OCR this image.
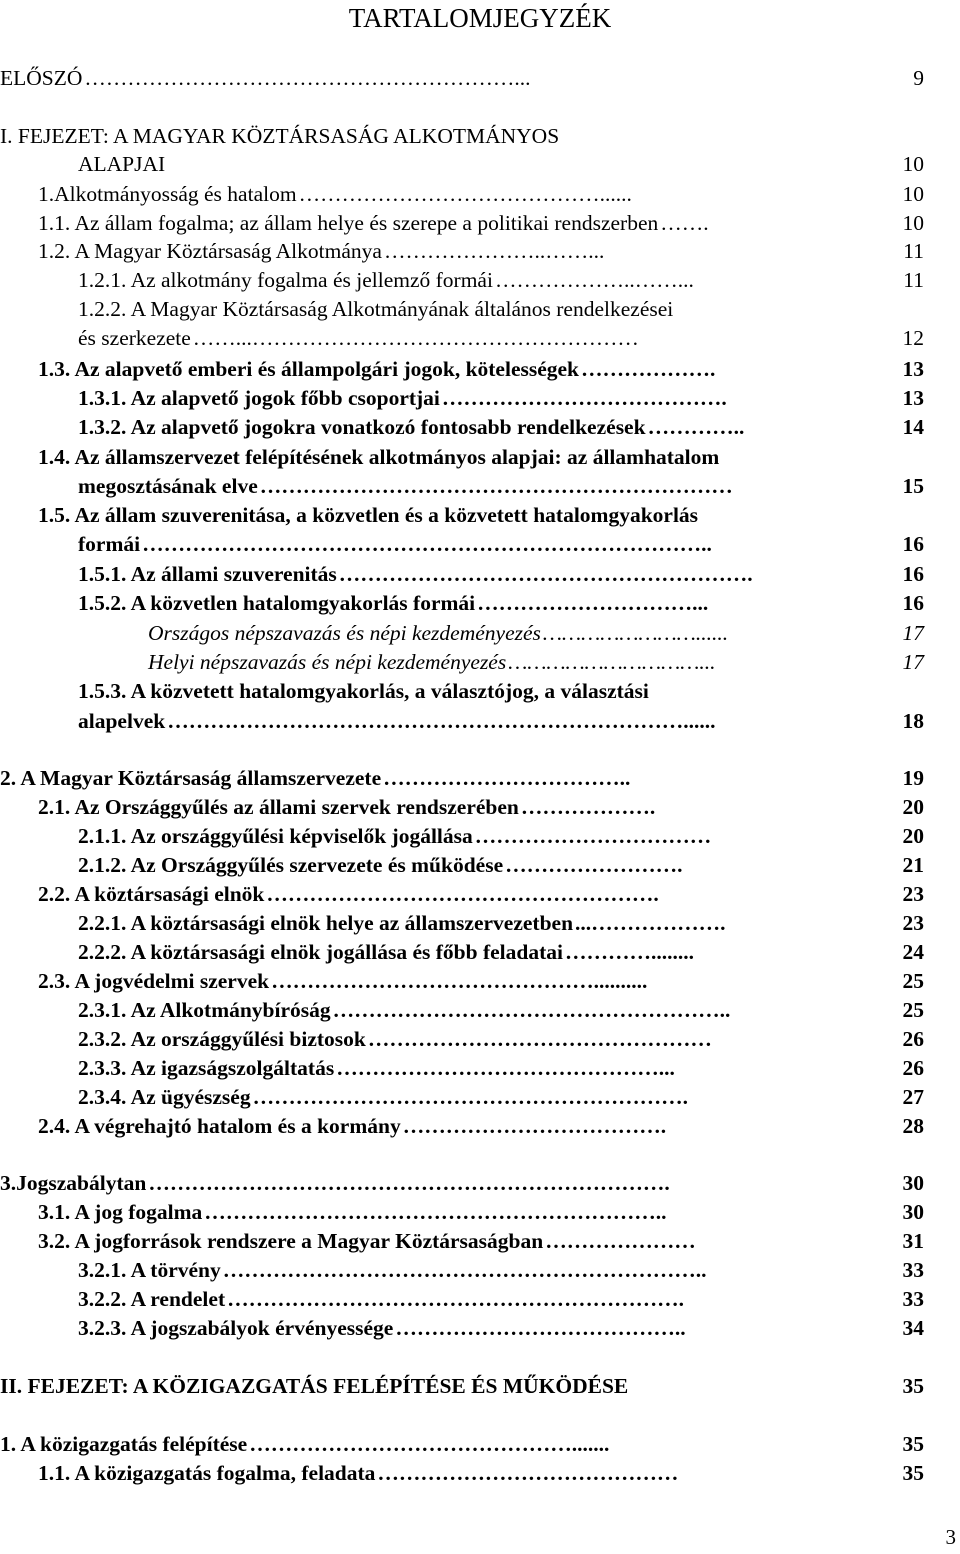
TARTALOMJEGYZÉK
ELŐSZÓ ……………………………………………………...	9
I. FEJEZET: A MAGYAR KÖZTÁRSASÁG ALKOTMÁNYOS
ALAPJAI	10
1.Alkotmányosság és hatalom ……………………………………......	10
1.1. Az állam fogalma; az állam helye és szerepe a politikai rendszerben …….	10
1.2. A Magyar Köztársaság Alkotmánya …………………..……...	11
1.2.1. Az alkotmány fogalma és jellemző formái ………………..……...	11
1.2.2. A Magyar Köztársaság Alkotmányának általános rendelkezései
és szerkezete ……...………………………………………………	12
1.3. Az alapvető emberi és állampolgári jogok, kötelességek ……………….	13
1.3.1. Az alapvető jogok főbb csoportjai ………………………………….	13
1.3.2. Az alapvető jogokra vonatkozó fontosabb rendelkezések …………..	14
1.4. Az államszervezet felépítésének alkotmányos alapjai: az államhatalom
megosztásának elve …………………………………………………………	15
1.5. Az állam szuverenitása, a közvetlen és a közvetett hatalomgyakorlás
formái ……………………………………………………………………..	16
1.5.1. Az állami szuverenitás ………………………………………………….	16
1.5.2. A közvetlen hatalomgyakorlás formái …………………………...	16
Országos népszavazás és népi kezdeményezés ……………………......	17
Helyi népszavazás és népi kezdeményezés …………………………...	17
1.5.3. A közvetett hatalomgyakorlás, a választójog, a választási
alapelvek ………………………………………………………………......	18
2. A Magyar Köztársaság államszervezete ……………………………..	19
2.1. Az Országgyűlés az állami szervek rendszerében ……………….	20
2.1.1. Az országgyűlési képviselők jogállása ……………………………	20
2.1.2. Az Országgyűlés szervezete és működése …………………….	21
2.2. A köztársasági elnök ……………………………………………….	23
2.2.1. A köztársasági elnök helye az államszervezetben ...……………….	23
2.2.2. A köztársasági elnök jogállása és főbb feladatai …………........	24
2.3. A jogvédelmi szervek ………………………………………..........	25
2.3.1. Az Alkotmánybíróság ………………………………………………..	25
2.3.2. Az országgyűlési biztosok …………………………………………	26
2.3.3. Az igazságszolgáltatás ………………………………………...	26
2.3.4. Az ügyészség …………………………………………………….	27
2.4. A végrehajtó hatalom és a kormány ……………………………….	28
3.Jogszabálytan ……………………………………………………………….	30
3.1. A jog fogalma ………………………………………………………..	30
3.2. A jogforrások rendszere a Magyar Köztársaságban …………………	31
3.2.1. A törvény …………………………………………………………..	33
3.2.2. A rendelet ……………………………………………………….	33
3.2.3. A jogszabályok érvényessége …………………………………..	34
II. FEJEZET: A KÖZIGAZGATÁS FELÉPÍTÉSE ÉS MŰKÖDÉSE	35
1. A közigazgatás felépítése ……………………………………….......	35
1.1. A közigazgatás fogalma, feladata ……………………………………	35
3
